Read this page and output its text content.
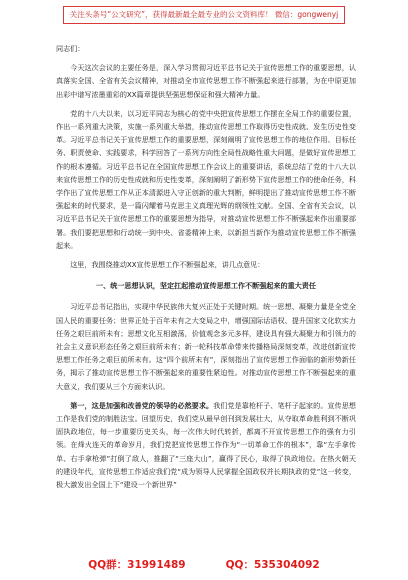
关注头条号“公文研究”，获得最新最全最专业的公文资料库！ 微信：gongwenyj

同志们：

今天这次会议的主要任务是，深入学习贯彻习近平总书记关于宣传思想工作的重要思想，认真落实全国、全省有关会议精神，对推动全市宣传思想工作不断强起来进行部署，为在中原更加出彩中谱写浓墨重彩的XX篇章提供坚强思想保证和强大精神力量。

党的十八大以来，以习近平同志为核心的党中央把宣传思想工作摆在全局工作的重要位置，作出一系列重大决策，实施一系列重大举措，推动宣传思想工作取得历史性成就、发生历史性变革。习近平总书记关于宣传思想工作的重要思想，深刻阐明了宣传思想工作的地位作用、目标任务、职责使命、实践要求，科学回答了一系列方向性全局性战略性重大问题，是做好宣传思想工作的根本遵循。习近平总书记在全国宣传思想工作会议上的重要讲话，系统总结了党的十八大以来宣传思想工作的历史性成就和历史性变革，深刻阐明了新形势下宣传思想工作的使命任务，科学作出了宣传思想工作从正本清源进入守正创新的重大判断，鲜明提出了推动宣传思想工作不断强起来的时代要求，是一篇闪耀着马克思主义真理光辉的纲领性文献。全国、全省有关会议，以习近平总书记关于宣传思想工作的重要思想为指导，对推动宣传思想工作不断强起来作出重要部署。我们要把思想和行动统一到中央、省委精神上来，以新担当新作为推动宣传思想工作不断强起来。

这里，我围绕推动XX宣传思想工作不断强起来，讲几点意见：

一、统一思想认识，坚定扛起推动宣传思想工作不断强起来的重大责任

习近平总书记指出，实现中华民族伟大复兴正处于关键时期。统一思想、凝聚力量是全党全国人民的重要任务；世界正处于百年未有之大变局之中，增强国际话语权、提升国家文化软实力任务之艰巨前所未有；思想文化互相激荡，价值观念多元多样，建设具有强大凝聚力和引领力的社会主义意识形态任务之艰巨前所未有；新一轮科技革命带来传播格局深刻变革，改进创新宣传思想工作任务之艰巨前所未有。这“四个前所未有”，深刻指出了宣传思想工作面临的新形势新任务，揭示了推动宣传思想工作不断强起来的重要性紧迫性。对推动宣传思想工作不断强起来的重大意义，我们要从三个方面来认识。

第一，这是加强和改善党的领导的必然要求。我们党是靠枪杆子、笔杆子起家的。宣传思想工作是我们党的制胜法宝。回望历史，我们党从最早创刊到发展壮大，从夺取革命胜利到不断巩固执政地位，每一步重要历史关头，每一次伟大时代转折，都离不开宣传思想工作的强有力引领。在烽火连天的革命岁月，我们党把宣传思想工作作为“一切革命工作的根本”，靠“左手拿传单、右手拿枪弹”打倒了敌人，推翻了“三座大山”，赢得了民心，取得了执政地位。在热火朝天的建设年代，宣传思想工作适应我们党“成为领导人民掌握全国政权并长期执政的党”这一转变，极大激发出全国上下“建设一个新世界”

QQ群：31991489	QQ：535304092
